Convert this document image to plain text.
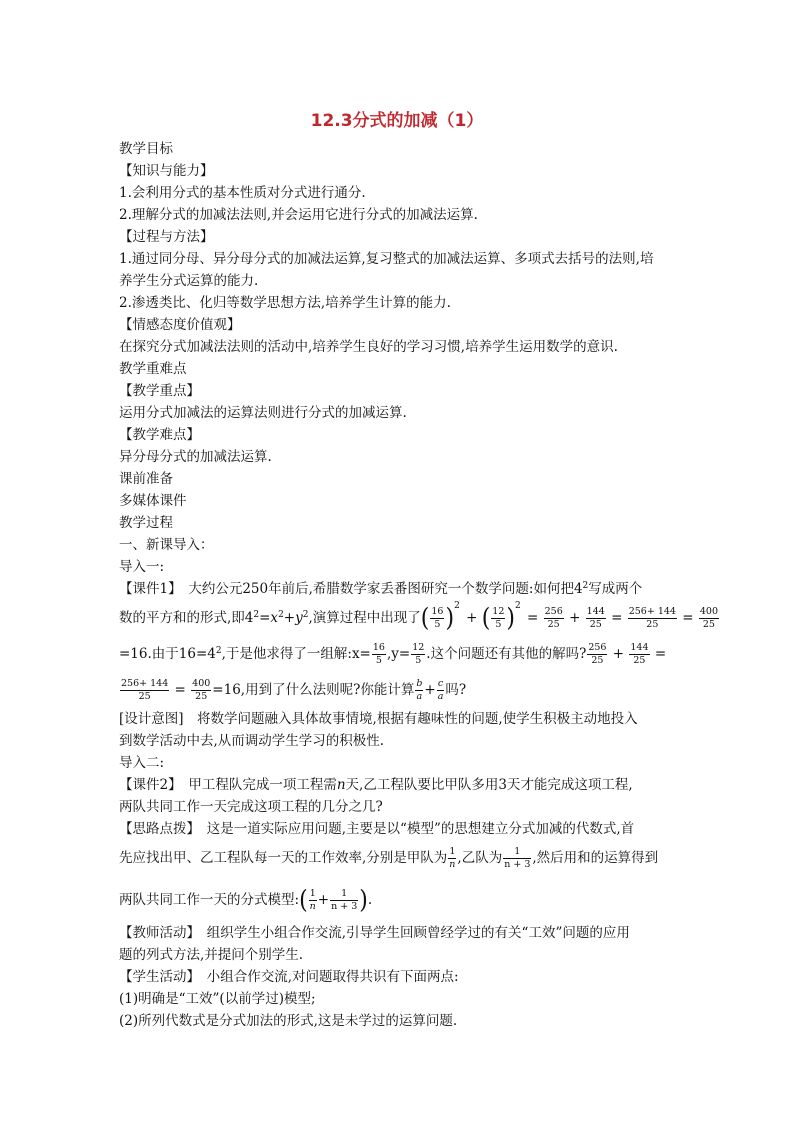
12.3分式的加减（1）
教学目标
【知识与能力】
1.会利用分式的基本性质对分式进行通分.
2.理解分式的加减法法则,并会运用它进行分式的加减法运算.
【过程与方法】
1.通过同分母、异分母分式的加减法运算,复习整式的加减法运算、多项式去括号的法则,培
养学生分式运算的能力.
2.渗透类比、化归等数学思想方法,培养学生计算的能力.
【情感态度价值观】
在探究分式加减法法则的活动中,培养学生良好的学习习惯,培养学生运用数学的意识.
教学重难点
【教学重点】
运用分式加减法的运算法则进行分式的加减运算.
【教学难点】
异分母分式的加减法运算.
课前准备
多媒体课件
教学过程
一、新课导入：
导入一:
【课件1】　大约公元250年前后,希腊数学家丢番图研究一个数学问题:如何把$4^2$写成两个
数的平方和的形式,即$4^2=x^2+y^2$,演算过程中出现了( $\frac{16}{5} )^2$ + ( $\frac{12}{5} )^2 = \frac{256}{25} + \frac{144}{25} = \frac{256+ 144}{25} = \frac{400}{25}$
=16.由于$16=4^2$,于是他求得了一组解:x= $\frac{16}{5} ,y= \frac{12}{5}$ .这个问题还有其他的解吗? $\frac{256}{25} + \frac{144}{25}$ =
$\frac{256+ 144}{25} = \frac{400}{25} =16$,用到了什么法则呢?你能计算 $\frac{b}{a} + \frac{c}{a}$ 吗?
[设计意图]　将数学问题融入具体故事情境,根据有趣味性的问题,使学生积极主动地投入
到数学活动中去,从而调动学生学习的积极性.
导入二:
【课件2】　甲工程队完成一项工程需n天,乙工程队要比甲队多用3天才能完成这项工程,
两队共同工作一天完成这项工程的几分之几?
【思路点拨】　这是一道实际应用问题,主要是以“模型”的思想建立分式加减的代数式,首
先应找出甲、乙工程队每一天的工作效率,分别是甲队为 $\frac{1}{n}$ ,乙队为 $\frac{1}{n + 3}$ ,然后用和的运算得到
两队共同工作一天的分式模型:( $\frac{1}{n} + \frac{1}{n + 3}$ ).
【教师活动】　组织学生小组合作交流,引导学生回顾曾经学过的有关“工效”问题的应用
题的列式方法,并提问个别学生.
【学生活动】　小组合作交流,对问题取得共识有下面两点:
(1)明确是“工效”(以前学过)模型;
(2)所列代数式是分式加法的形式,这是未学过的运算问题.
